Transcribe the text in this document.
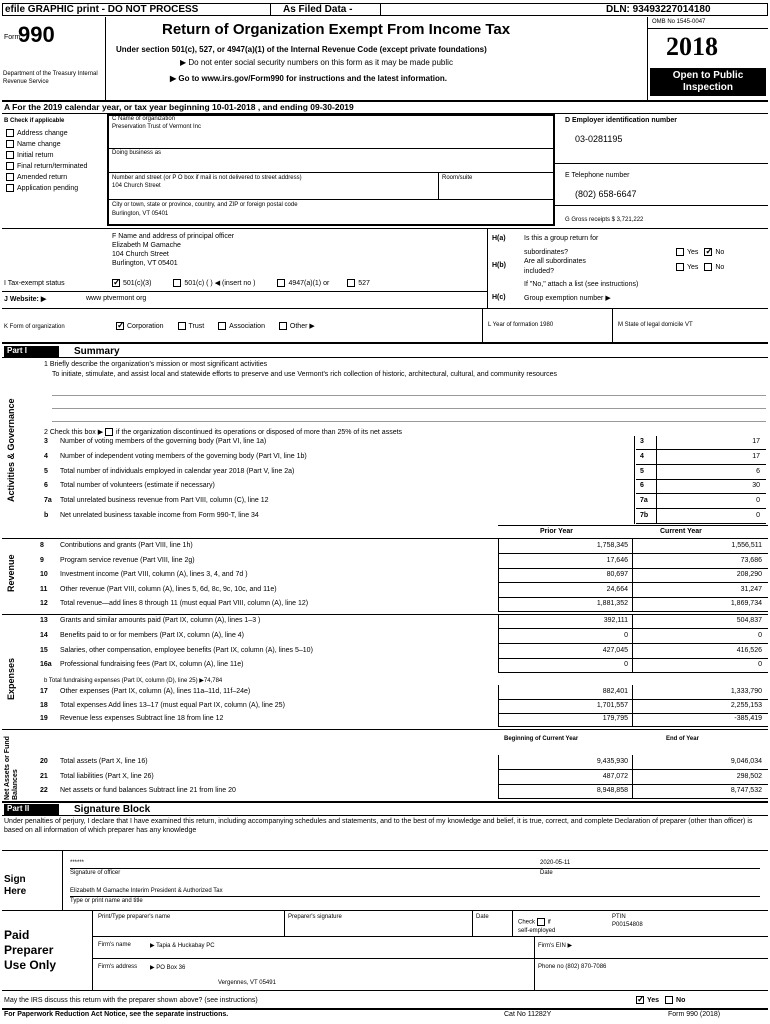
efile GRAPHIC print - DO NOT PROCESS	As Filed Data -	DLN: 93493227014180
Form
990
Department of the Treasury Internal Revenue Service
Return of Organization Exempt From Income Tax
Under section 501(c), 527, or 4947(a)(1) of the Internal Revenue Code (except private foundations)
▶ Do not enter social security numbers on this form as it may be made public
▶ Go to www.irs.gov/Form990 for instructions and the latest information.
OMB No 1545-0047
2018
Open to Public Inspection
A For the 2019 calendar year, or tax year beginning 10-01-2018 , and ending 09-30-2019
B Check if applicable
Address change
Name change
Initial return
Final return/terminated
Amended return
Application pending
C Name of organization
Preservation Trust of Vermont Inc
Doing business as
Number and street (or P O box if mail is not delivered to street address)
104 Church Street
Room/suite
City or town, state or province, country, and ZIP or foreign postal code
Burlington, VT 05401
D Employer identification number
03-0281195
E Telephone number
(802) 658-6647
G Gross receipts $ 3,721,222
F Name and address of principal officer
Elizabeth M Gamache
104 Church Street
Burlington, VT 05401
H(a)	Is this a group return for
subordinates?	Yes ✓ No
H(b)
Are all subordinates
included?
Yes No
If "No," attach a list (see instructions)
H(c)	Group exemption number ▶
I Tax-exempt status ✓	501(c)(3)	501(c) ( ) ◀ (insert no )	4947(a)(1) or	527
J Website: ▶	www ptvermont org
K Form of organization ✓	Corporation	Trust	Association	Other ▶	L Year of formation 1980	M State of legal domicile VT
Part I	Summary
1 Briefly describe the organization's mission or most significant activities
To initiate, stimulate, and assist local and statewide efforts to preserve and use Vermont's rich collection of historic, architectural, cultural, and community resources
Activities & Governance	2 Check this box ▶ if the organization discontinued its operations or disposed of more than 25% of its net assets
3 Number of voting members of the governing body (Part VI, line 1a)	3	17
4 Number of independent voting members of the governing body (Part VI, line 1b)	4	17
5 Total number of individuals employed in calendar year 2018 (Part V, line 2a)	5	6
6 Total number of volunteers (estimate if necessary)	6	30
7a Total unrelated business revenue from Part VIII, column (C), line 12	7a	0
b Net unrelated business taxable income from Form 990-T, line 34	7b	0
Prior Year	Current Year
Revenue
8 Contributions and grants (Part VIII, line 1h)	1,758,345	1,556,511
9 Program service revenue (Part VIII, line 2g)	17,646	73,686
10 Investment income (Part VIII, column (A), lines 3, 4, and 7d )	80,697	208,290
11 Other revenue (Part VIII, column (A), lines 5, 6d, 8c, 9c, 10c, and 11e)	24,664	31,247
12 Total revenue—add lines 8 through 11 (must equal Part VIII, column (A), line 12)	1,881,352	1,869,734
Expenses
13 Grants and similar amounts paid (Part IX, column (A), lines 1–3 )	392,111	504,837
14 Benefits paid to or for members (Part IX, column (A), line 4)	0	0
15 Salaries, other compensation, employee benefits (Part IX, column (A), lines 5–10)	427,045	416,526
16a Professional fundraising fees (Part IX, column (A), line 11e)	0	0
b Total fundraising expenses (Part IX, column (D), line 25) ▶74,784
17 Other expenses (Part IX, column (A), lines 11a–11d, 11f–24e)	882,401	1,333,790
18 Total expenses Add lines 13–17 (must equal Part IX, column (A), line 25)	1,701,557	2,255,153
19 Revenue less expenses Subtract line 18 from line 12	179,795	-385,419
Beginning of Current Year	End of Year
Net Assets or Fund Balances
20 Total assets (Part X, line 16)	9,435,930	9,046,034
21 Total liabilities (Part X, line 26)	487,072	298,502
22 Net assets or fund balances Subtract line 21 from line 20	8,948,858	8,747,532
Part II	Signature Block
Under penalties of perjury, I declare that I have examined this return, including accompanying schedules and statements, and to the best of my knowledge and belief, it is true, correct, and complete Declaration of preparer (other than officer) is based on all information of which preparer has any knowledge
Sign
Here
******
Signature of officer
2020-05-11
Date
Elizabeth M Gamache Interim President & Authorized Tax
Type or print name and title
Paid
Preparer
Use Only
Print/Type preparer's name	Preparer's signature	Date
Check if
self-employed
PTIN
P00154808
Firm's name	▶ Tapia & Huckabay PC	Firm's EIN ▶
Firm's address ▶ PO Box 36
Vergennes, VT 05491
Phone no (802) 870-7086
May the IRS discuss this return with the preparer shown above? (see instructions) ✓	Yes No
For Paperwork Reduction Act Notice, see the separate instructions.	Cat No 11282Y	Form 990 (2018)
